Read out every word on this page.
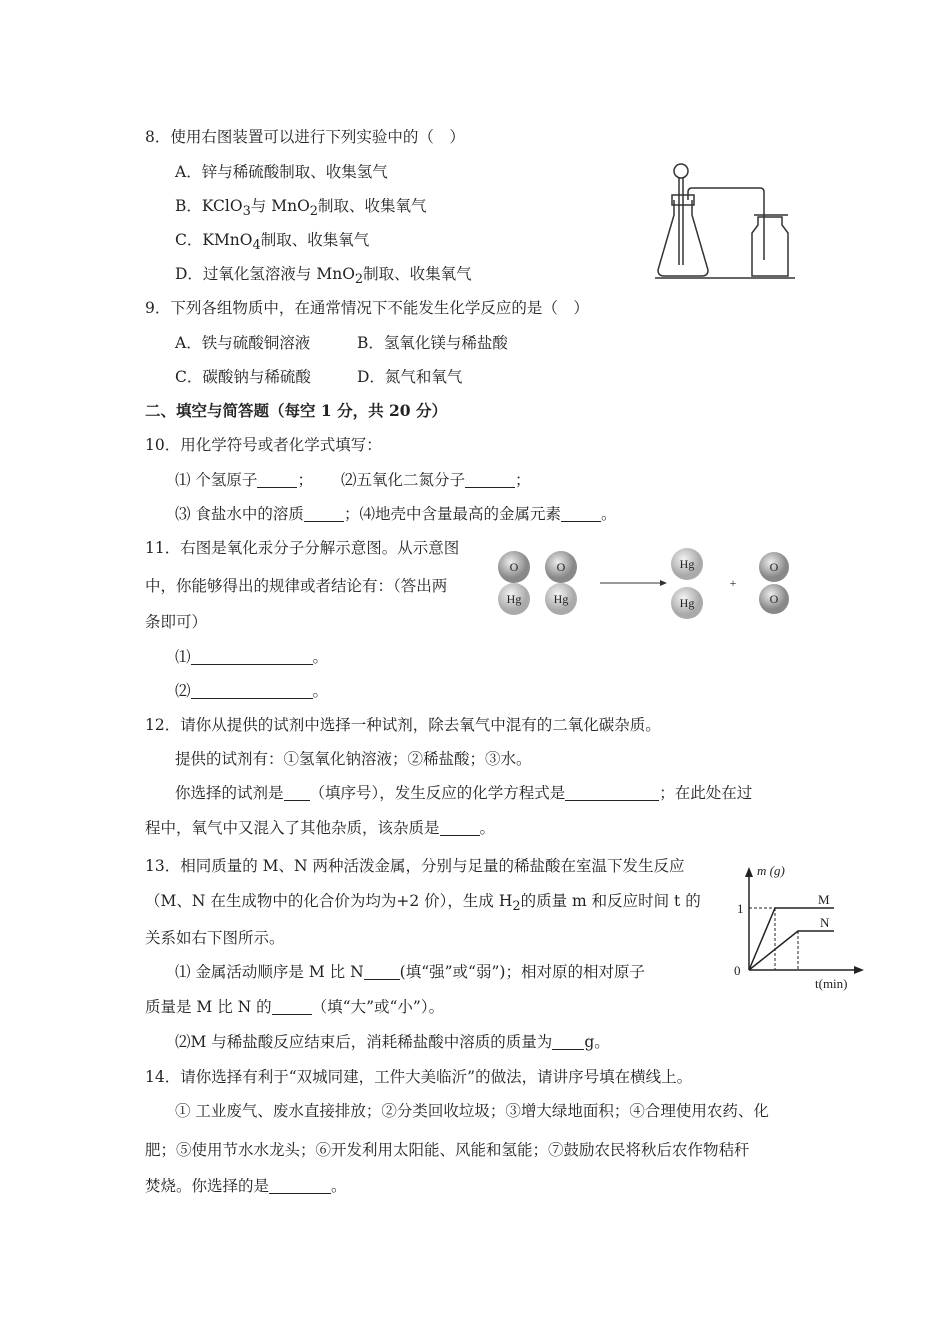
8．使用右图装置可以进行下列实验中的（　）
A．锌与稀硫酸制取、收集氢气
B．KClO$_3$与 MnO$_2$制取、收集氧气
C．KMnO$_4$制取、收集氧气
D．过氧化氢溶液与 MnO$_2$制取、收集氧气
9．下列各组物质中，在通常情况下不能发生化学反应的是（　）
A．铁与硫酸铜溶液	B．氢氧化镁与稀盐酸
C．碳酸钠与稀硫酸	D．氮气和氧气
二、填空与简答题（每空 1 分，共 20 分）
10．用化学符号或者化学式填写：
⑴ 个氢原子	； ⑵五氧化二氮分子	；
⑶ 食盐水中的溶质	；⑷地壳中含量最高的金属元素	。
11．右图是氧化汞分子分解示意图。从示意图
中，你能够得出的规律或者结论有：（答出两
条即可）
⑴	。
⑵	。
O
Hg
O
Hg
Hg
Hg
+
O
O
12．请你从提供的试剂中选择一种试剂，除去氧气中混有的二氧化碳杂质。
提供的试剂有：①氢氧化钠溶液；②稀盐酸；③水。
你选择的试剂是 （填序号），发生反应的化学方程式是	；在此处在过
程中，氧气中又混入了其他杂质，该杂质是	。
13．相同质量的 M、N 两种活泼金属，分别与足量的稀盐酸在室温下发生反应
（M、N 在生成物中的化合价为均为+2 价），生成 $H_2$的质量 m 和反应时间 t 的
关系如右下图所示。
⑴ 金属活动顺序是 M 比 N (填“强”或“弱”)；相对原的相对原子
质量是 M 比 N 的	（填“大”或“小”）。
⑵M 与稀盐酸反应结束后，消耗稀盐酸中溶质的质量为 g。
m (g)
t(min)
1
0
M
N
14．请你选择有利于“双城同建，工件大美临沂”的做法，请讲序号填在横线上。
① 工业废气、废水直接排放；②分类回收垃圾；③增大绿地面积；④合理使用农药、化
肥；⑤使用节水水龙头；⑥开发利用太阳能、风能和氢能；⑦鼓励农民将秋后农作物秸秆
焚烧。你选择的是	。
